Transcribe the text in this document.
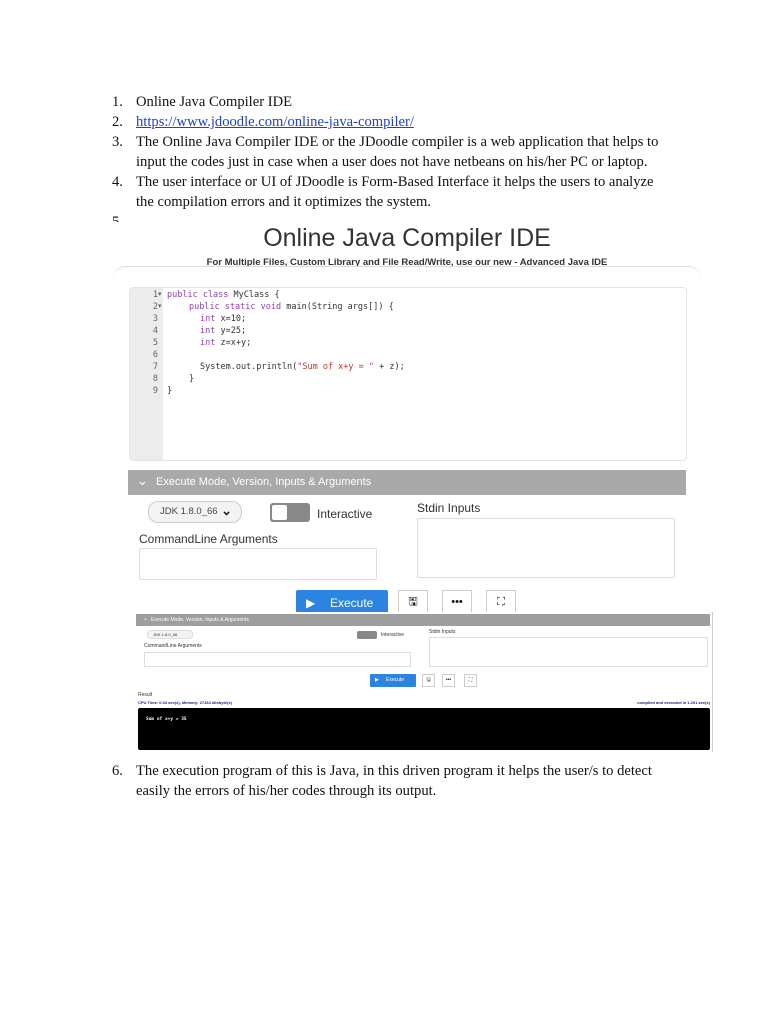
1. Online Java Compiler IDE
2. https://www.jdoodle.com/online-java-compiler/
3. The Online Java Compiler IDE or the JDoodle compiler is a web application that helps to
input the codes just in case when a user does not have netbeans on his/her PC or laptop.
4. The user interface or UI of JDoodle is Form-Based Interface it helps the users to analyze
the compilation errors and it optimizes the system.
Online Java Compiler IDE
For Multiple Files, Custom Library and File Read/Write, use our new - Advanced Java IDE
1
2
3
4
5
6
7
8
9
▾
▾
public class MyClass {
public static void main(String args[]) {
int x=10;
int y=25;
int z=x+y;
System.out.println("Sum of x+y = " + z);
}
}
⌄ Execute Mode, Version, Inputs & Arguments
JDK 1.8.0_66 ⌄	Interactive	Stdin Inputs
CommandLine Arguments
▶ Execute	🖫	•••	⛶
⌄ Execute Mode, Version, Inputs & Arguments
JDK 1.8.0_66	Interactive	Stdin Inputs
CommandLine Arguments
▶ Execute	🖫	•••	⛶
Result
CPU Time: 0.04 sec(s), Memory: 27164 kilobyte(s)	compiled and executed in 1.201 sec(s)
Sum of x+y = 35
6. The execution program of this is Java, in this driven program it helps the user/s to detect
easily the errors of his/her codes through its output.
